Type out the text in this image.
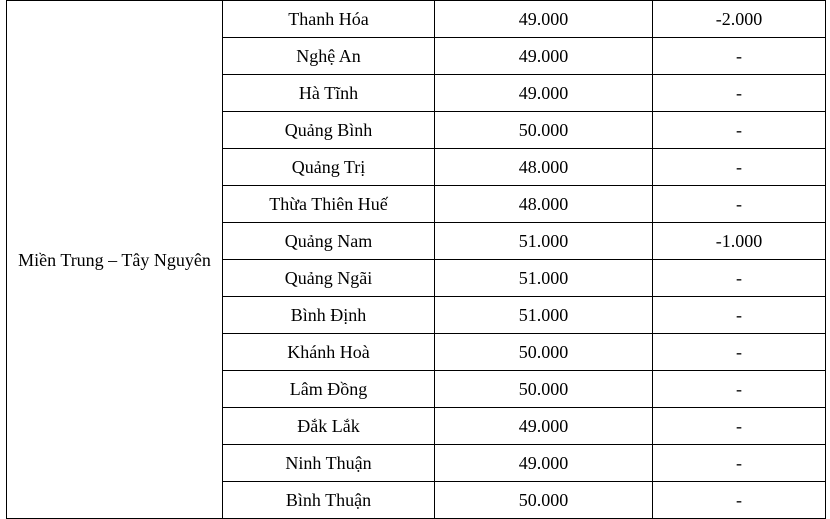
Miền Trung – Tây Nguyên	Thanh Hóa	49.000	-2.000
	Nghệ An	49.000	-
	Hà Tĩnh	49.000	-
	Quảng Bình	50.000	-
	Quảng Trị	48.000	-
	Thừa Thiên Huế	48.000	-
	Quảng Nam	51.000	-1.000
	Quảng Ngãi	51.000	-
	Bình Định	51.000	-
	Khánh Hoà	50.000	-
	Lâm Đồng	50.000	-
	Đắk Lắk	49.000	-
	Ninh Thuận	49.000	-
	Bình Thuận	50.000	-
